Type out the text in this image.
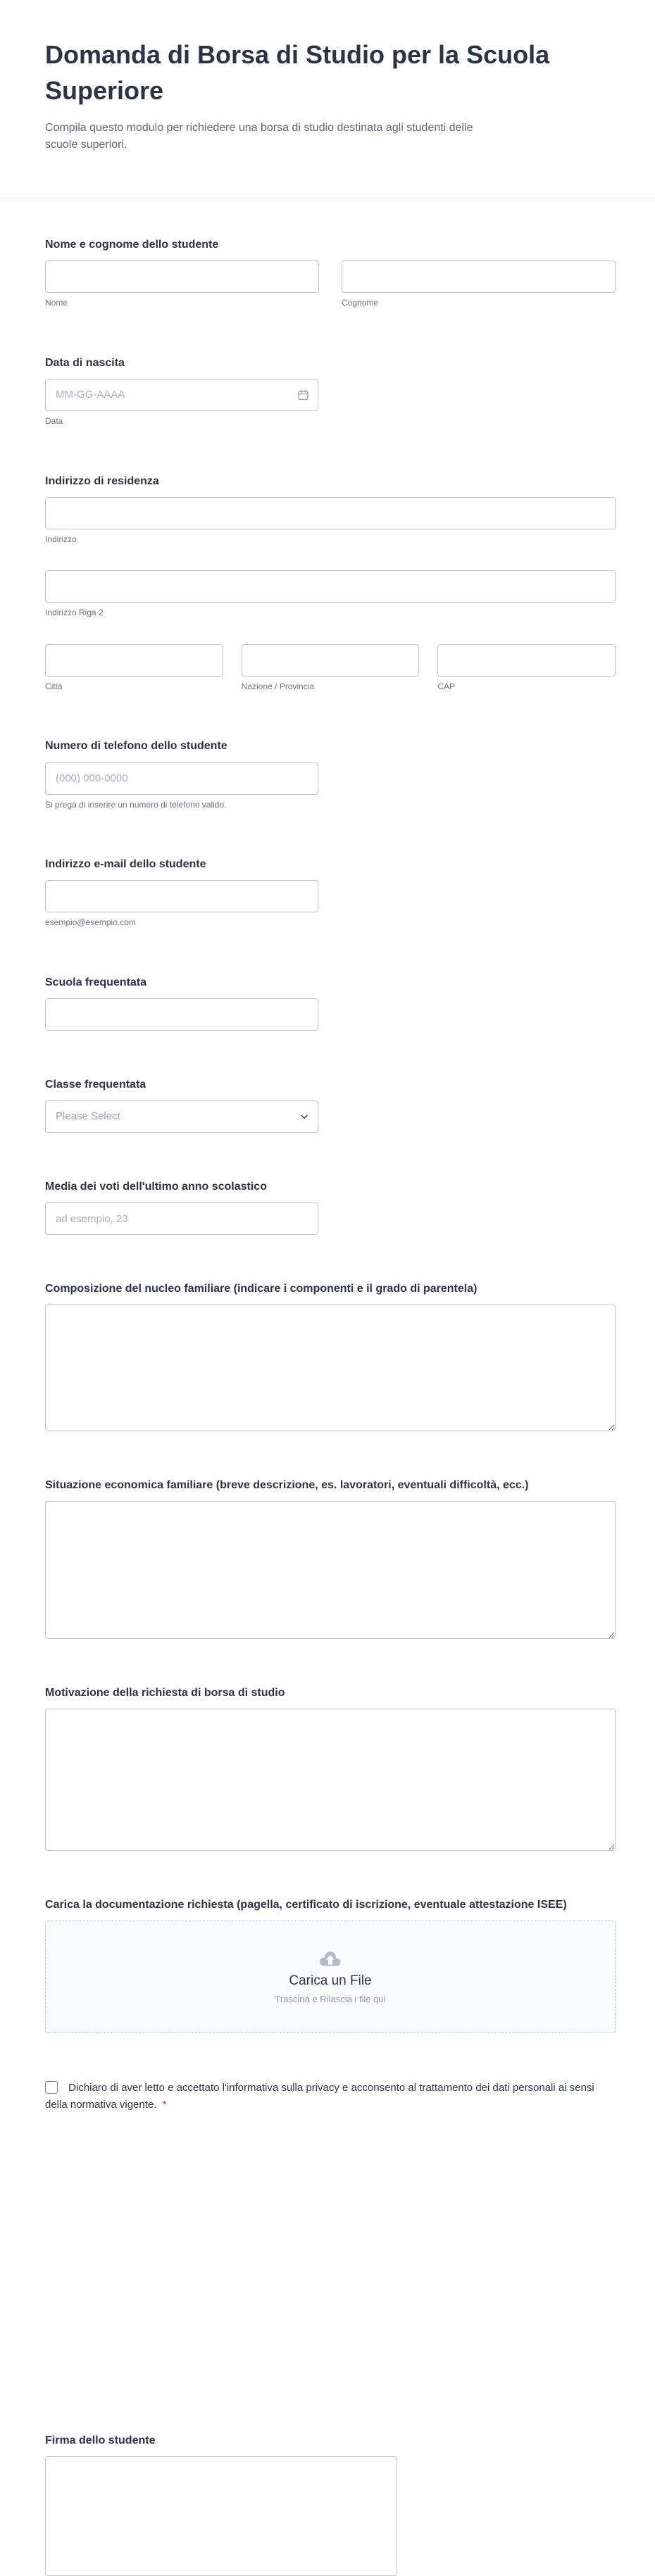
Domanda di Borsa di Studio per la Scuola Superiore

Compila questo modulo per richiedere una borsa di studio destinata agli studenti delle scuole superiori.

Nome e cognome dello studente
Nome	Cognome
Data di nascita
MM-GG-AAAA
Data
Indirizzo di residenza
Indirizzo
Indirizzo Riga 2
Città	Nazione / Provincia	CAP
Numero di telefono dello studente
(000) 000-0000
Si prega di inserire un numero di telefono valido.
Indirizzo e-mail dello studente
esempio@esempio.com
Scuola frequentata
Classe frequentata
Please Select
Media dei voti dell'ultimo anno scolastico
ad esempio, 23
Composizione del nucleo familiare (indicare i componenti e il grado di parentela)
Situazione economica familiare (breve descrizione, es. lavoratori, eventuali difficoltà, ecc.)
Motivazione della richiesta di borsa di studio
Carica la documentazione richiesta (pagella, certificato di iscrizione, eventuale attestazione ISEE)
Carica un File
Trascina e Rilascia i file qui
Dichiaro di aver letto e accettato l'informativa sulla privacy e acconsento al trattamento dei dati personali ai sensi della normativa vigente. *
Firma dello studente
